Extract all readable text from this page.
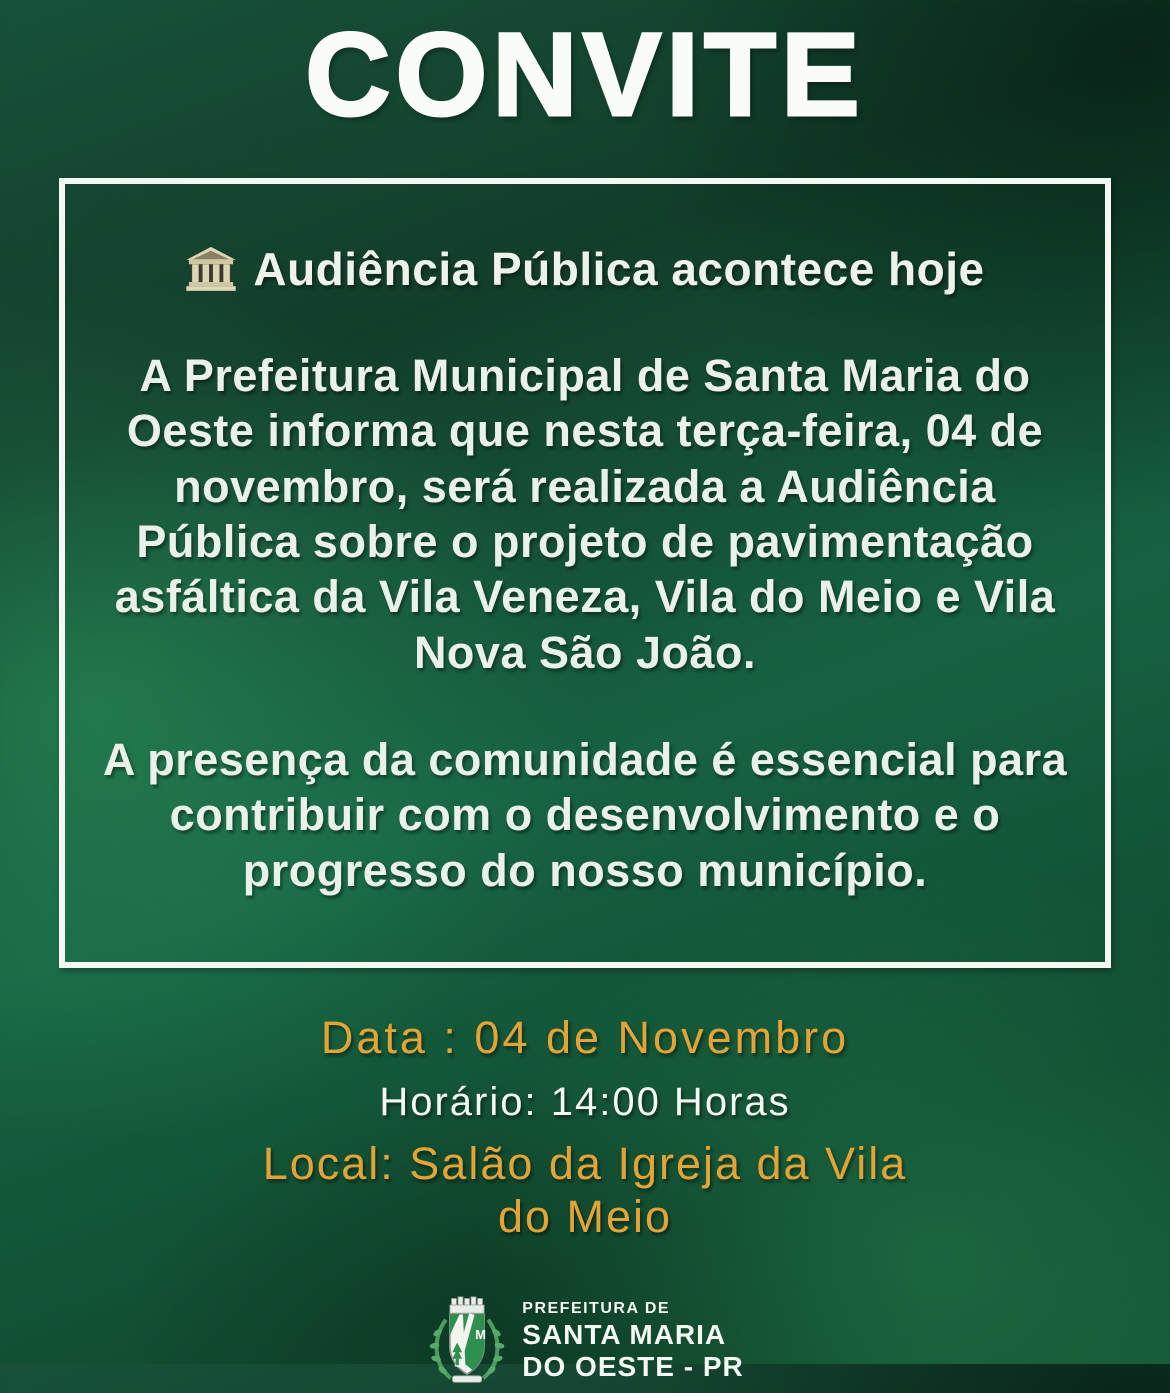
CONVITE
Audiência Pública acontece hoje

A Prefeitura Municipal de Santa Maria do Oeste informa que nesta terça-feira, 04 de novembro, será realizada a Audiência Pública sobre o projeto de pavimentação asfáltica da Vila Veneza, Vila do Meio e Vila Nova São João.

A presença da comunidade é essencial para contribuir com o desenvolvimento e o progresso do nosso município.

Data : 04 de Novembro
Horário: 14:00 Horas
Local: Salão da Igreja da Vila do Meio
M
PREFEITURA DE
SANTA MARIA
DO OESTE - PR
